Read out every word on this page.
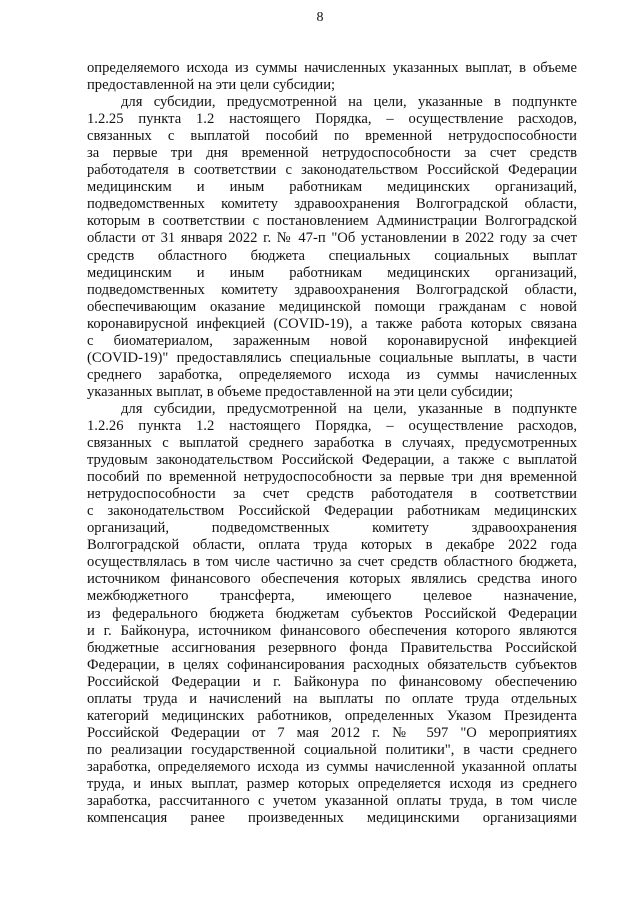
8
определяемого исхода из суммы начисленных указанных выплат, в объеме
предоставленной на эти цели субсидии;
для субсидии, предусмотренной на цели, указанные в подпункте
1.2.25 пункта 1.2 настоящего Порядка, – осуществление расходов,
связанных с выплатой пособий по временной нетрудоспособности
за первые три дня временной нетрудоспособности за счет средств
работодателя в соответствии с законодательством Российской Федерации
медицинским и иным работникам медицинских организаций,
подведомственных комитету здравоохранения Волгоградской области,
которым в соответствии с постановлением Администрации Волгоградской
области от 31 января 2022 г. № 47-п "Об установлении в 2022 году за счет
средств областного бюджета специальных социальных выплат
медицинским и иным работникам медицинских организаций,
подведомственных комитету здравоохранения Волгоградской области,
обеспечивающим оказание медицинской помощи гражданам с новой
коронавирусной инфекцией (COVID-19), а также работа которых связана
с биоматериалом, зараженным новой коронавирусной инфекцией
(COVID-19)" предоставлялись специальные социальные выплаты, в части
среднего заработка, определяемого исхода из суммы начисленных
указанных выплат, в объеме предоставленной на эти цели субсидии;
для субсидии, предусмотренной на цели, указанные в подпункте
1.2.26 пункта 1.2 настоящего Порядка, – осуществление расходов,
связанных с выплатой среднего заработка в случаях, предусмотренных
трудовым законодательством Российской Федерации, а также с выплатой
пособий по временной нетрудоспособности за первые три дня временной
нетрудоспособности за счет средств работодателя в соответствии
с законодательством Российской Федерации работникам медицинских
организаций, подведомственных комитету здравоохранения
Волгоградской области, оплата труда которых в декабре 2022 года
осуществлялась в том числе частично за счет средств областного бюджета,
источником финансового обеспечения которых являлись средства иного
межбюджетного трансферта, имеющего целевое назначение,
из федерального бюджета бюджетам субъектов Российской Федерации
и г. Байконура, источником финансового обеспечения которого являются
бюджетные ассигнования резервного фонда Правительства Российской
Федерации, в целях софинансирования расходных обязательств субъектов
Российской Федерации и г. Байконура по финансовому обеспечению
оплаты труда и начислений на выплаты по оплате труда отдельных
категорий медицинских работников, определенных Указом Президента
Российской Федерации от 7 мая 2012 г. № 597 "О мероприятиях
по реализации государственной социальной политики", в части среднего
заработка, определяемого исхода из суммы начисленной указанной оплаты
труда, и иных выплат, размер которых определяется исходя из среднего
заработка, рассчитанного с учетом указанной оплаты труда, в том числе
компенсация ранее произведенных медицинскими организациями
